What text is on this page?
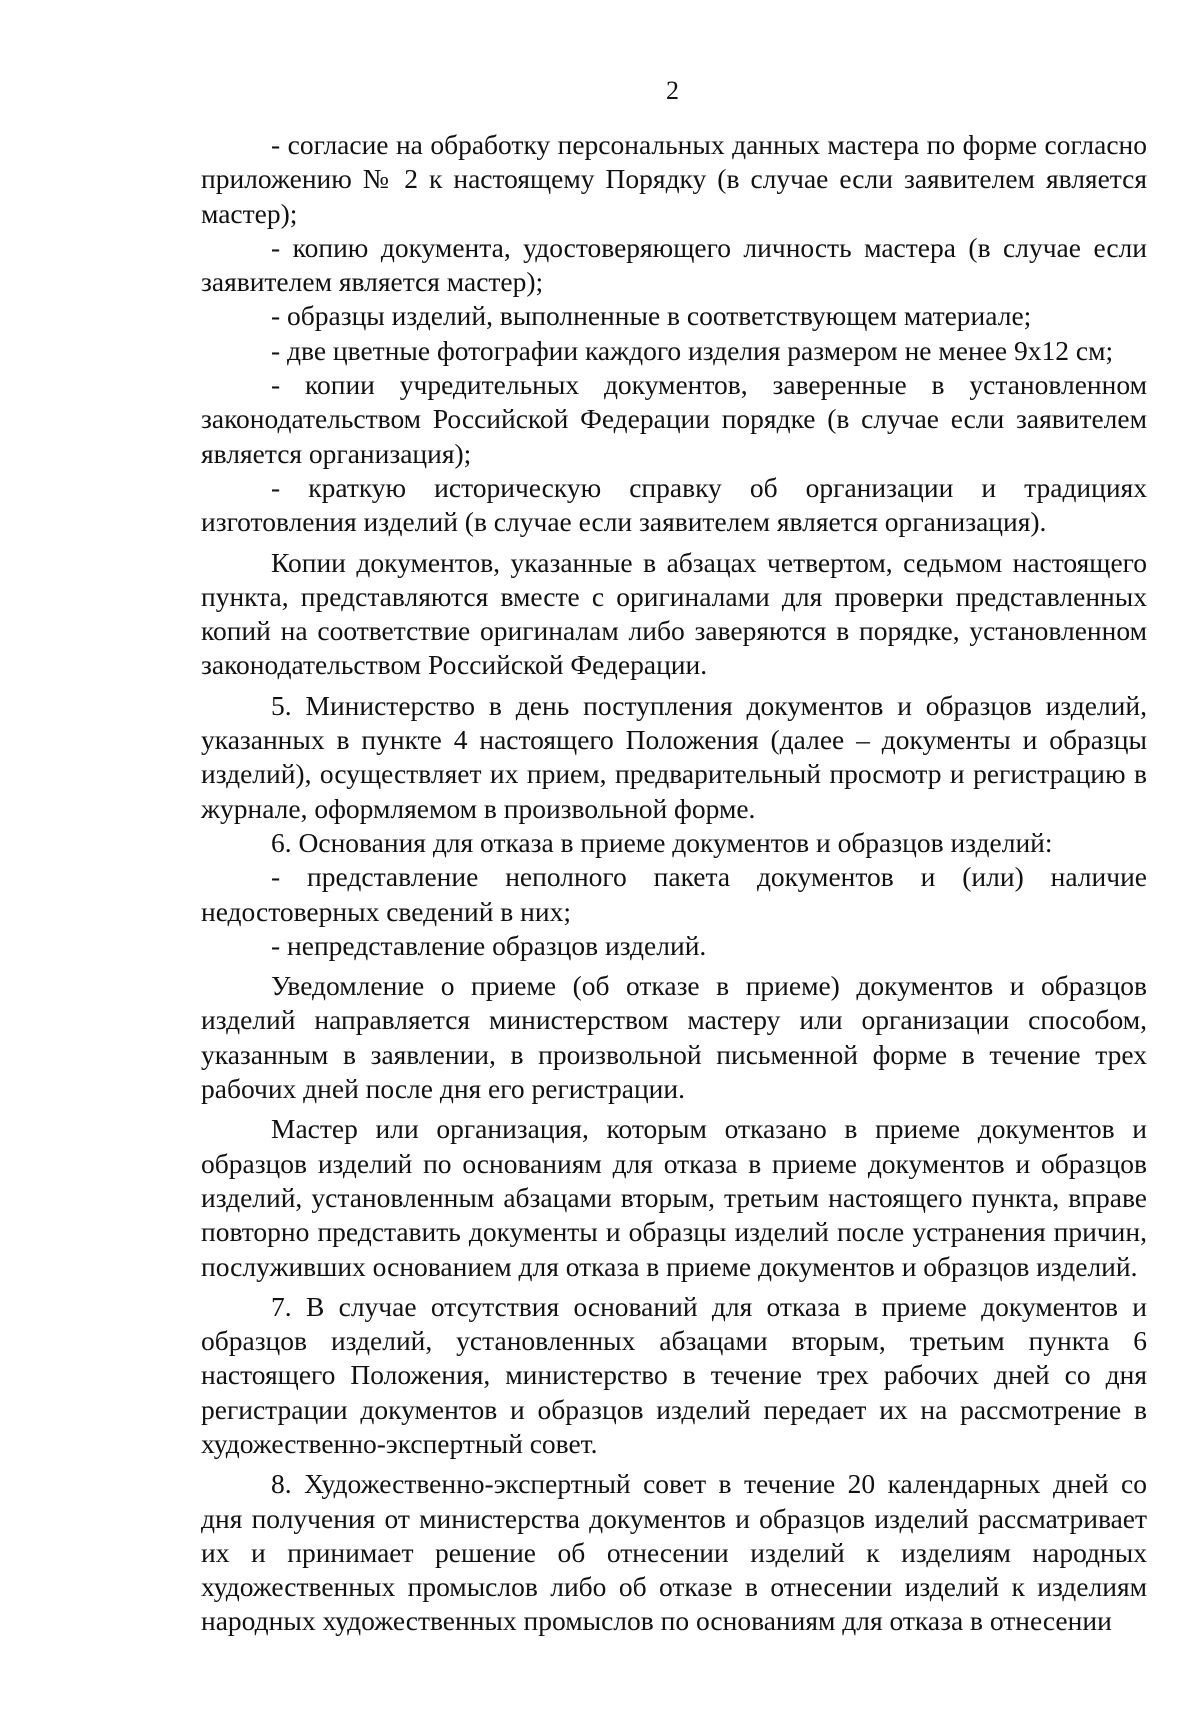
2

- согласие на обработку персональных данных мастера по форме согласно приложению № 2 к настоящему Порядку (в случае если заявителем является мастер);

- копию документа, удостоверяющего личность мастера (в случае если заявителем является мастер);

- образцы изделий, выполненные в соответствующем материале;

- две цветные фотографии каждого изделия размером не менее 9x12 см;

- копии учредительных документов, заверенные в установленном законодательством Российской Федерации порядке (в случае если заявителем является организация);

- краткую историческую справку об организации и традициях изготовления изделий (в случае если заявителем является организация).

Копии документов, указанные в абзацах четвертом, седьмом настоящего пункта, представляются вместе с оригиналами для проверки представленных копий на соответствие оригиналам либо заверяются в порядке, установленном законодательством Российской Федерации.

5. Министерство в день поступления документов и образцов изделий, указанных в пункте 4 настоящего Положения (далее – документы и образцы изделий), осуществляет их прием, предварительный просмотр и регистрацию в журнале, оформляемом в произвольной форме.

6. Основания для отказа в приеме документов и образцов изделий:

- представление неполного пакета документов и (или) наличие недостоверных сведений в них;

- непредставление образцов изделий.

Уведомление о приеме (об отказе в приеме) документов и образцов изделий направляется министерством мастеру или организации способом, указанным в заявлении, в произвольной письменной форме в течение трех рабочих дней после дня его регистрации.

Мастер или организация, которым отказано в приеме документов и образцов изделий по основаниям для отказа в приеме документов и образцов изделий, установленным абзацами вторым, третьим настоящего пункта, вправе повторно представить документы и образцы изделий после устранения причин, послуживших основанием для отказа в приеме документов и образцов изделий.

7. В случае отсутствия оснований для отказа в приеме документов и образцов изделий, установленных абзацами вторым, третьим пункта 6 настоящего Положения, министерство в течение трех рабочих дней со дня регистрации документов и образцов изделий передает их на рассмотрение в художественно-экспертный совет.

8. Художественно-экспертный совет в течение 20 календарных дней со дня получения от министерства документов и образцов изделий рассматривает их и принимает решение об отнесении изделий к изделиям народных художественных промыслов либо об отказе в отнесении изделий к изделиям народных художественных промыслов по основаниям для отказа в отнесении
